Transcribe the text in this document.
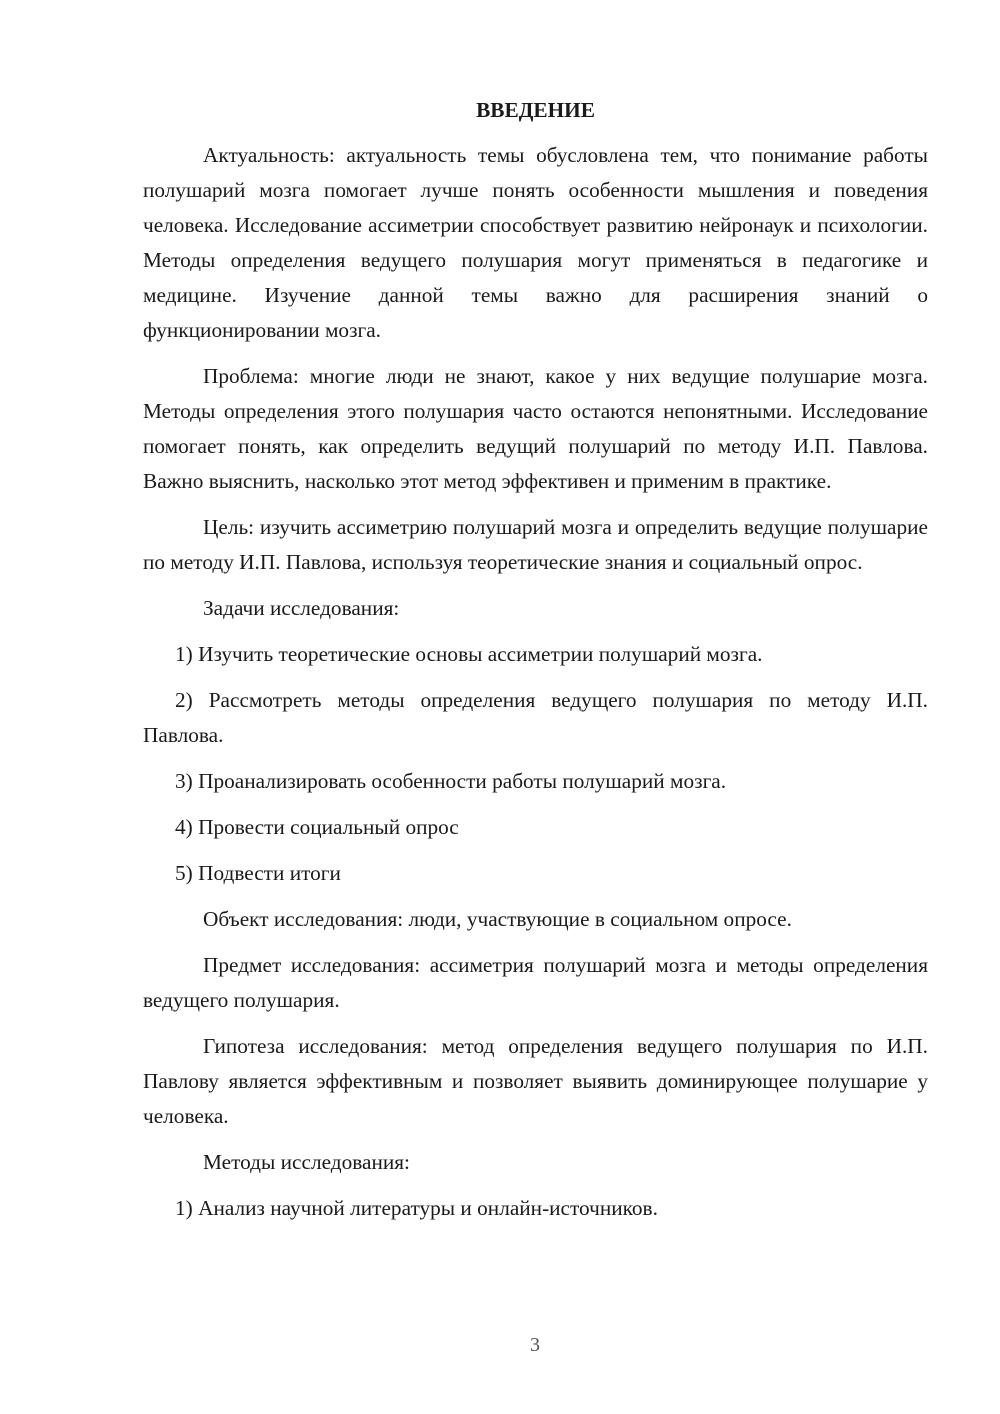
ВВЕДЕНИЕ

Актуальность: актуальность темы обусловлена тем, что понимание работы полушарий мозга помогает лучше понять особенности мышления и поведения человека. Исследование ассиметрии способствует развитию нейронаук и психологии. Методы определения ведущего полушария могут применяться в педагогике и медицине. Изучение данной темы важно для расширения знаний о функционировании мозга.

Проблема: многие люди не знают, какое у них ведущие полушарие мозга. Методы определения этого полушария часто остаются непонятными. Исследование помогает понять, как определить ведущий полушарий по методу И.П. Павлова. Важно выяснить, насколько этот метод эффективен и применим в практике.

Цель: изучить ассиметрию полушарий мозга и определить ведущие полушарие по методу И.П. Павлова, используя теоретические знания и социальный опрос.

Задачи исследования:

1) Изучить теоретические основы ассиметрии полушарий мозга.

2) Рассмотреть методы определения ведущего полушария по методу И.П. Павлова.

3) Проанализировать особенности работы полушарий мозга.

4) Провести социальный опрос

5) Подвести итоги

Объект исследования: люди, участвующие в социальном опросе.

Предмет исследования: ассиметрия полушарий мозга и методы определения ведущего полушария.

Гипотеза исследования: метод определения ведущего полушария по И.П. Павлову является эффективным и позволяет выявить доминирующее полушарие у человека.

Методы исследования:

1) Анализ научной литературы и онлайн-источников.

3
